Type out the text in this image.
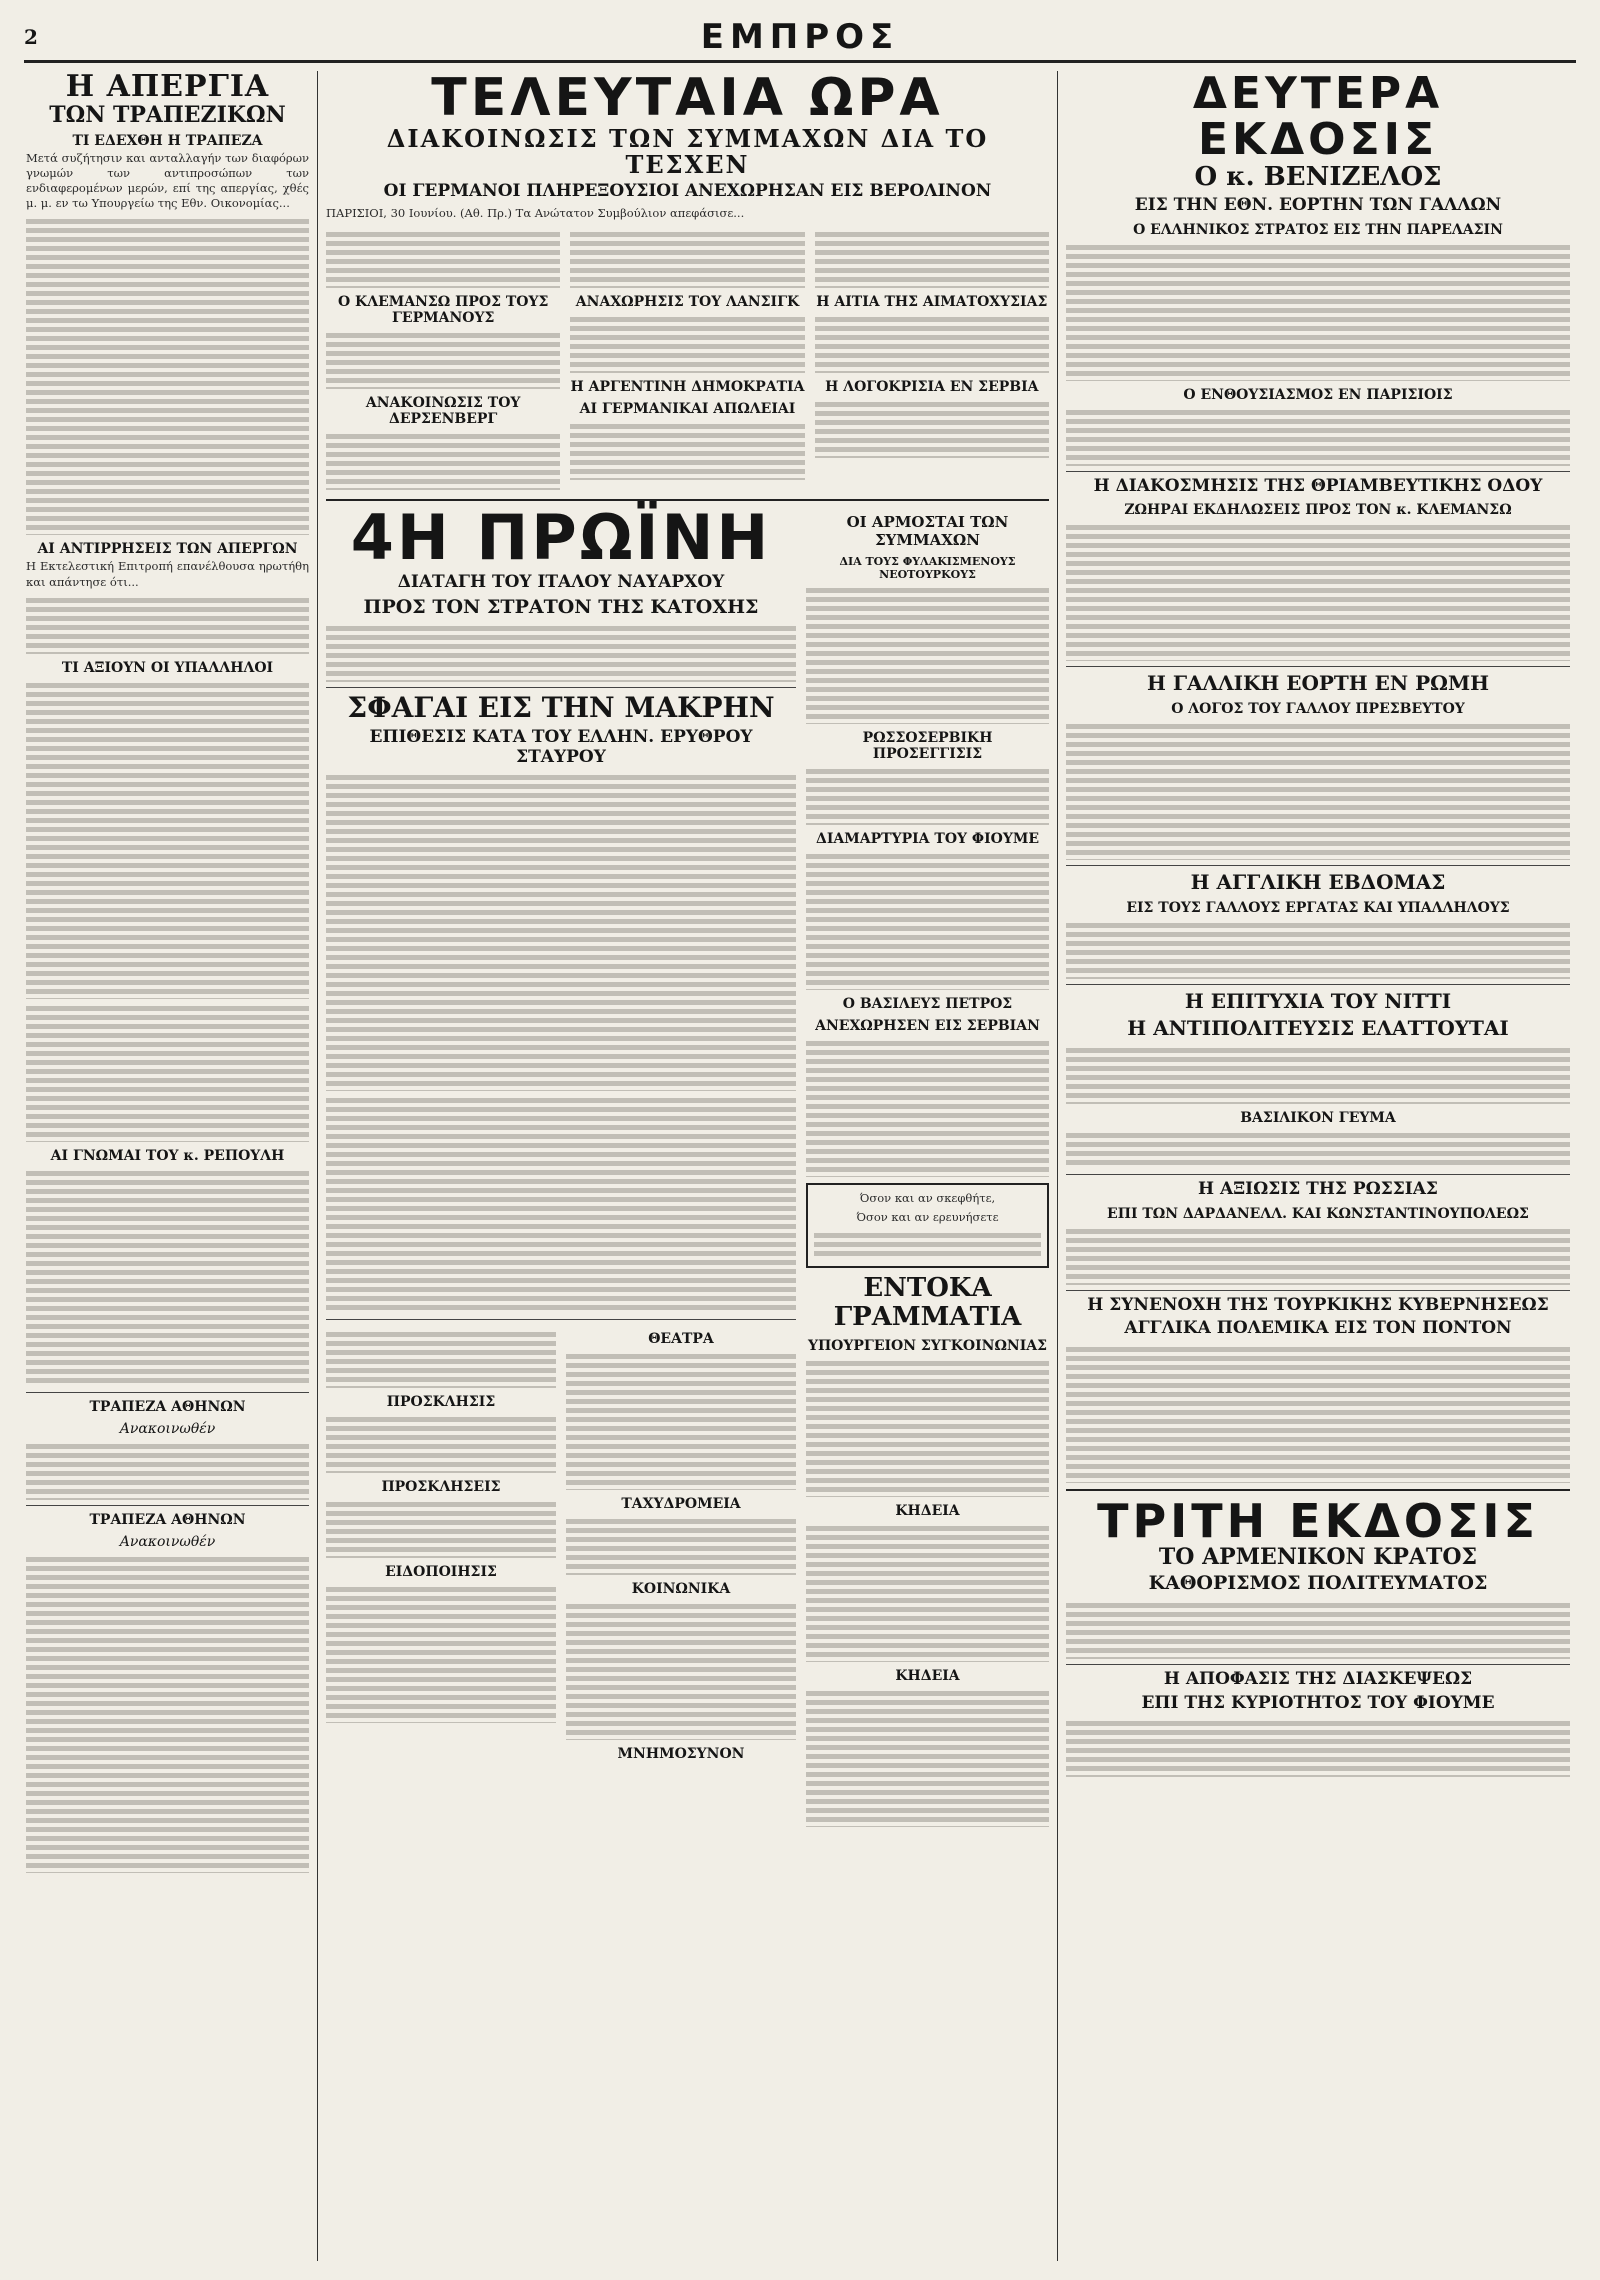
2	ΕΜΠΡΟΣ
Η ΑΠΕΡΓΙΑ
ΤΩΝ ΤΡΑΠΕΖΙΚΩΝ
ΤΙ ΕΔΕΧΘΗ Η ΤΡΑΠΕΖΑ
Μετά συζήτησιν και ανταλλαγήν των διαφόρων γνωμών των αντιπροσώπων των ενδιαφερομένων μερών, επί της απεργίας, χθές μ. μ. εν τω Υπουργείω της Εθν. Οικονομίας...
ΑΙ ΑΝΤΙΡΡΗΣΕΙΣ ΤΩΝ ΑΠΕΡΓΩΝ
Η Εκτελεστική Επιτροπή επανέλθουσα ηρωτήθη και απάντησε ότι...
ΤΙ ΑΞΙΟΥΝ ΟΙ ΥΠΑΛΛΗΛΟΙ
ΑΙ ΓΝΩΜΑΙ ΤΟΥ κ. ΡΕΠΟΥΛΗ
ΤΡΑΠΕΖΑ ΑΘΗΝΩΝ
Ανακοινωθέν
ΤΡΑΠΕΖΑ ΑΘΗΝΩΝ
Ανακοινωθέν
ΤΕΛΕΥΤΑΙΑ ΩΡΑ
ΔΙΑΚΟΙΝΩΣΙΣ ΤΩΝ ΣΥΜΜΑΧΩΝ ΔΙΑ ΤΟ ΤΕΣΧΕΝ
ΟΙ ΓΕΡΜΑΝΟΙ ΠΛΗΡΕΞΟΥΣΙΟΙ ΑΝΕΧΩΡΗΣΑΝ ΕΙΣ ΒΕΡΟΛΙΝΟΝ
ΠΑΡΙΣΙΟΙ, 30 Ιουνίου. (Αθ. Πρ.) Τα Ανώτατον Συμβούλιον απεφάσισε...
Ο ΚΛΕΜΑΝΣΩ ΠΡΟΣ ΤΟΥΣ ΓΕΡΜΑΝΟΥΣ
ΑΝΑΚΟΙΝΩΣΙΣ ΤΟΥ ΔΕΡΣΕΝΒΕΡΓ
ΑΝΑΧΩΡΗΣΙΣ ΤΟΥ ΛΑΝΣΙΓΚ
Η ΑΡΓΕΝΤΙΝΗ ΔΗΜΟΚΡΑΤΙΑ
ΑΙ ΓΕΡΜΑΝΙΚΑΙ ΑΠΩΛΕΙΑΙ
Η ΑΙΤΙΑ ΤΗΣ ΑΙΜΑΤΟΧΥΣΙΑΣ
Η ΛΟΓΟΚΡΙΣΙΑ ΕΝ ΣΕΡΒΙΑ
4Η ΠΡΩΪΝΗ
ΔΙΑΤΑΓΗ ΤΟΥ ΙΤΑΛΟΥ ΝΑΥΑΡΧΟΥ
ΠΡΟΣ ΤΟΝ ΣΤΡΑΤΟΝ ΤΗΣ ΚΑΤΟΧΗΣ
ΣΦΑΓΑΙ ΕΙΣ ΤΗΝ ΜΑΚΡΗΝ
ΕΠΙΘΕΣΙΣ ΚΑΤΑ ΤΟΥ ΕΛΛΗΝ. ΕΡΥΘΡΟΥ ΣΤΑΥΡΟΥ
ΠΡΟΣΚΛΗΣΙΣ
ΠΡΟΣΚΛΗΣΕΙΣ
ΕΙΔΟΠΟΙΗΣΙΣ
ΘΕΑΤΡΑ
ΤΑΧΥΔΡΟΜΕΙΑ
ΚΟΙΝΩΝΙΚΑ
ΜΝΗΜΟΣΥΝΟΝ
ΟΙ ΑΡΜΟΣΤΑΙ ΤΩΝ ΣΥΜΜΑΧΩΝ
ΔΙΑ ΤΟΥΣ ΦΥΛΑΚΙΣΜΕΝΟΥΣ ΝΕΟΤΟΥΡΚΟΥΣ
ΡΩΣΣΟΣΕΡΒΙΚΗ ΠΡΟΣΕΓΓΙΣΙΣ
ΔΙΑΜΑΡΤΥΡΙΑ ΤΟΥ ΦΙΟΥΜΕ
Ο ΒΑΣΙΛΕΥΣ ΠΕΤΡΟΣ
ΑΝΕΧΩΡΗΣΕΝ ΕΙΣ ΣΕΡΒΙΑΝ
Όσον και αν σκεφθήτε,
Όσον και αν ερευνήσετε
ΕΝΤΟΚΑ ΓΡΑΜΜΑΤΙΑ
ΥΠΟΥΡΓΕΙΟΝ ΣΥΓΚΟΙΝΩΝΙΑΣ
ΚΗΔΕΙΑ
ΚΗΔΕΙΑ
ΔΕΥΤΕΡΑ ΕΚΔΟΣΙΣ
Ο κ. ΒΕΝΙΖΕΛΟΣ
ΕΙΣ ΤΗΝ ΕΘΝ. ΕΟΡΤΗΝ ΤΩΝ ΓΑΛΛΩΝ
Ο ΕΛΛΗΝΙΚΟΣ ΣΤΡΑΤΟΣ ΕΙΣ ΤΗΝ ΠΑΡΕΛΑΣΙΝ
Ο ΕΝΘΟΥΣΙΑΣΜΟΣ ΕΝ ΠΑΡΙΣΙΟΙΣ
Η ΔΙΑΚΟΣΜΗΣΙΣ ΤΗΣ ΘΡΙΑΜΒΕΥΤΙΚΗΣ ΟΔΟΥ
ΖΩΗΡΑΙ ΕΚΔΗΛΩΣΕΙΣ ΠΡΟΣ ΤΟΝ κ. ΚΛΕΜΑΝΣΩ
Η ΓΑΛΛΙΚΗ ΕΟΡΤΗ ΕΝ ΡΩΜΗ
Ο ΛΟΓΟΣ ΤΟΥ ΓΑΛΛΟΥ ΠΡΕΣΒΕΥΤΟΥ
Η ΑΓΓΛΙΚΗ ΕΒΔΟΜΑΣ
ΕΙΣ ΤΟΥΣ ΓΑΛΛΟΥΣ ΕΡΓΑΤΑΣ ΚΑΙ ΥΠΑΛΛΗΛΟΥΣ
Η ΕΠΙΤΥΧΙΑ ΤΟΥ ΝΙΤΤΙ
Η ΑΝΤΙΠΟΛΙΤΕΥΣΙΣ ΕΛΑΤΤΟΥΤΑΙ
ΒΑΣΙΛΙΚΟΝ ΓΕΥΜΑ
Η ΑΞΙΩΣΙΣ ΤΗΣ ΡΩΣΣΙΑΣ
ΕΠΙ ΤΩΝ ΔΑΡΔΑΝΕΛΛ. ΚΑΙ ΚΩΝΣΤΑΝΤΙΝΟΥΠΟΛΕΩΣ
Η ΣΥΝΕΝΟΧΗ ΤΗΣ ΤΟΥΡΚΙΚΗΣ ΚΥΒΕΡΝΗΣΕΩΣ
ΑΓΓΛΙΚΑ ΠΟΛΕΜΙΚΑ ΕΙΣ ΤΟΝ ΠΟΝΤΟΝ
ΤΡΙΤΗ ΕΚΔΟΣΙΣ
ΤΟ ΑΡΜΕΝΙΚΟΝ ΚΡΑΤΟΣ
ΚΑΘΟΡΙΣΜΟΣ ΠΟΛΙΤΕΥΜΑΤΟΣ
Η ΑΠΟΦΑΣΙΣ ΤΗΣ ΔΙΑΣΚΕΨΕΩΣ
ΕΠΙ ΤΗΣ ΚΥΡΙΟΤΗΤΟΣ ΤΟΥ ΦΙΟΥΜΕ
